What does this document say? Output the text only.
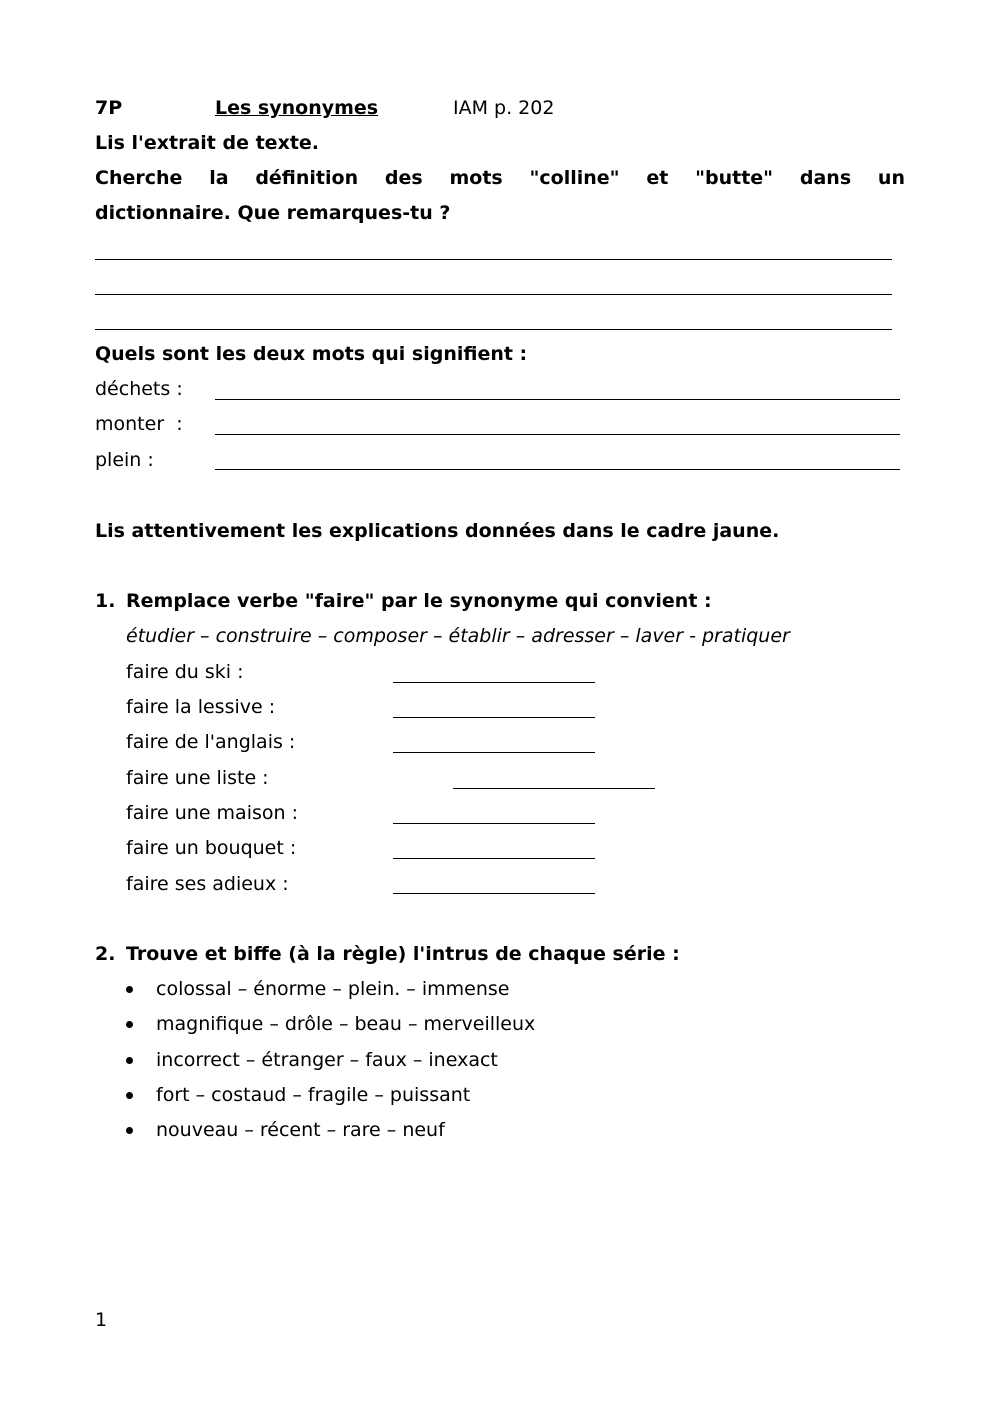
7P	Les synonymes	IAM p. 202
Lis l'extrait de texte.
Cherche la définition des mots "colline" et "butte" dans un
dictionnaire. Que remarques-tu ?
Quels sont les deux mots qui signifient :
déchets :
monter  :
plein :
Lis attentivement les explications données dans le cadre jaune.
1. Remplace verbe "faire" par le synonyme qui convient :
étudier – construire – composer – établir – adresser – laver - pratiquer
faire du ski :
faire la lessive :
faire de l'anglais :
faire une liste :
faire une maison :
faire un bouquet :
faire ses adieux :
2. Trouve et biffe (à la règle) l'intrus de chaque série :
colossal – énorme – plein. – immense
magnifique – drôle – beau – merveilleux
incorrect – étranger – faux – inexact
fort – costaud – fragile – puissant
nouveau – récent – rare – neuf
1
